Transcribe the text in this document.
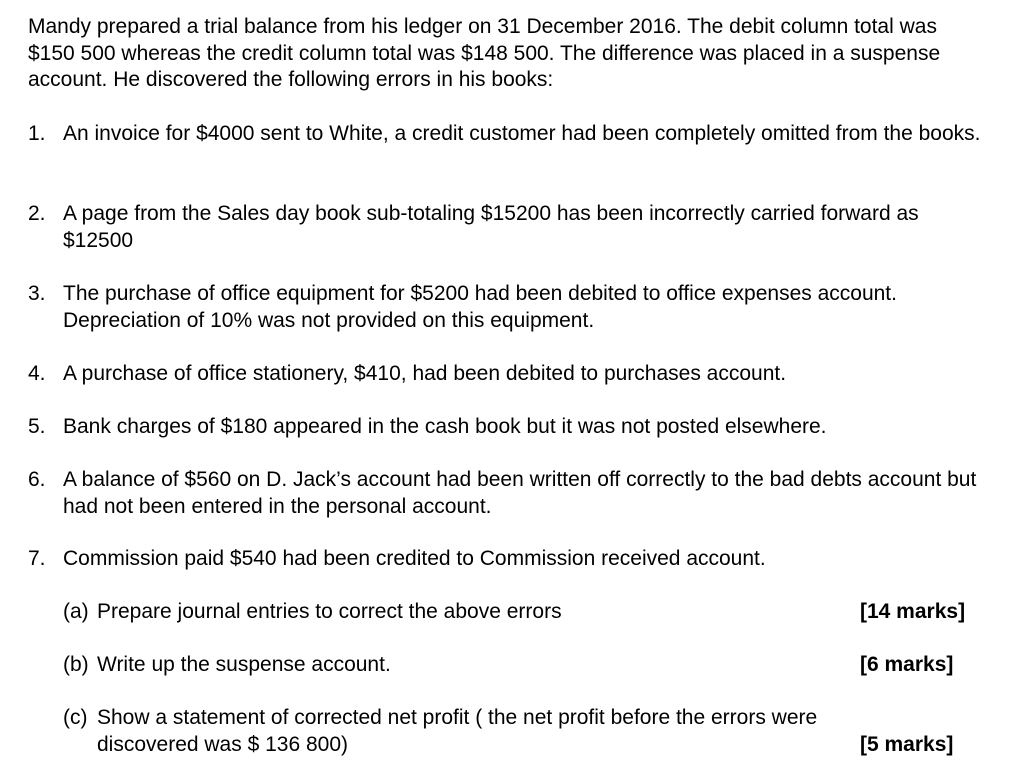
Mandy prepared a trial balance from his ledger on 31 December 2016. The debit column total was $150 500 whereas the credit column total was $148 500. The difference was placed in a suspense account. He discovered the following errors in his books:

1. An invoice for $4000 sent to White, a credit customer had been completely omitted from the books.
2. A page from the Sales day book sub-totaling $15200 has been incorrectly carried forward as $12500
3. The purchase of office equipment for $5200 had been debited to office expenses account. Depreciation of 10% was not provided on this equipment.
4. A purchase of office stationery, $410, had been debited to purchases account.
5. Bank charges of $180 appeared in the cash book but it was not posted elsewhere.
6. A balance of $560 on D. Jack’s account had been written off correctly to the bad debts account but had not been entered in the personal account.
7. Commission paid $540 had been credited to Commission received account.
(a) Prepare journal entries to correct the above errors	[14 marks]
(b) Write up the suspense account.	[6 marks]
(c) Show a statement of corrected net profit ( the net profit before the errors were discovered was $ 136 800)	[5 marks]
